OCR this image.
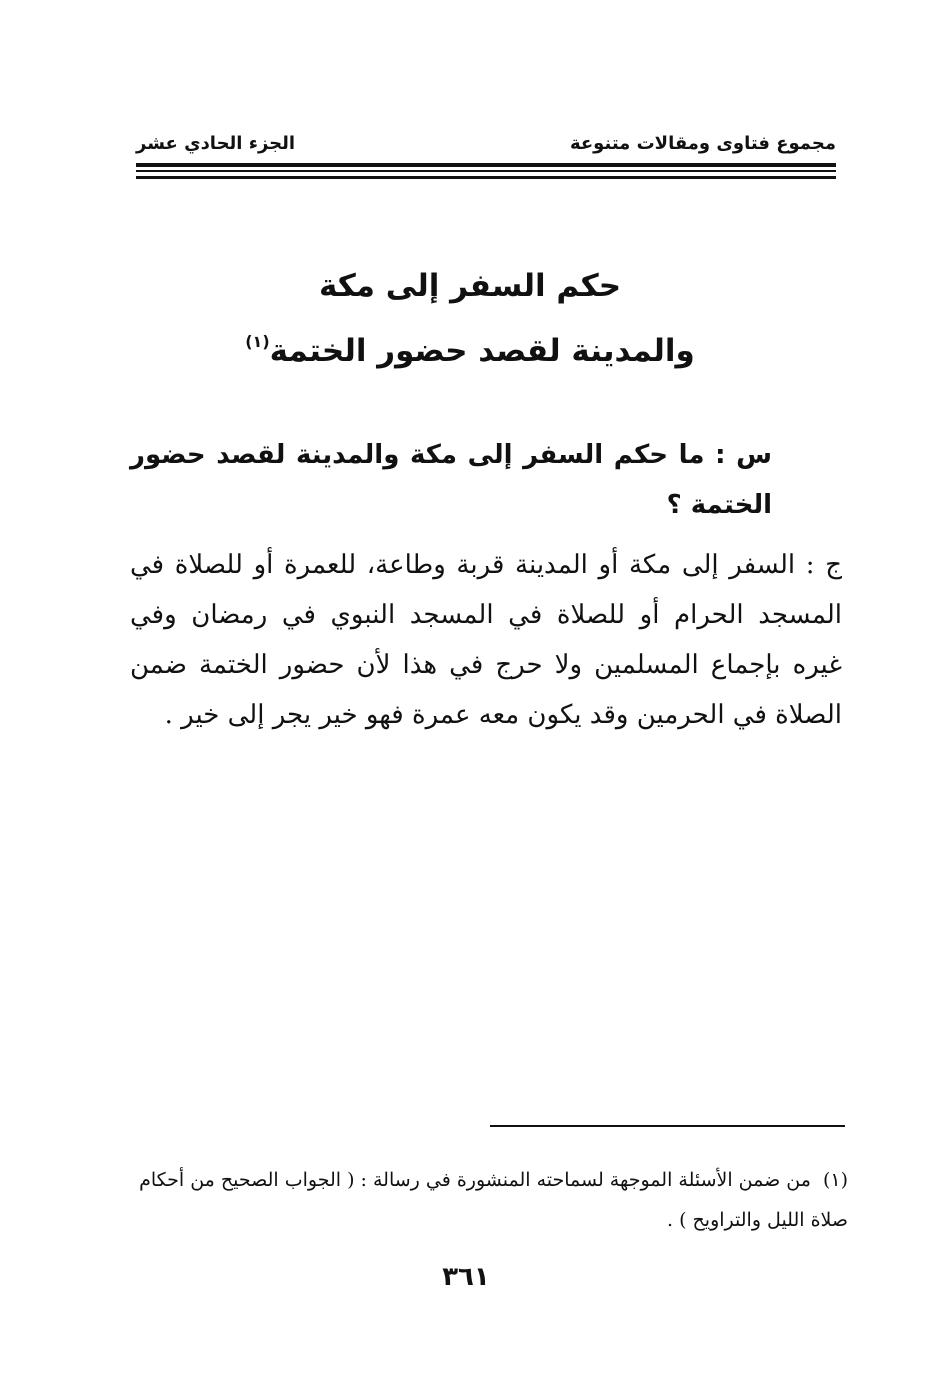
مجموع فتاوى ومقالات متنوعة
الجزء الحادي عشر
حكم السفر إلى مكة
والمدينة لقصد حضور الختمة$^{(١)}$
س : ما حكم السفر إلى مكة والمدينة لقصد حضور الختمة ؟
ج : السفر إلى مكة أو المدينة قربة وطاعة، للعمرة أو للصلاة في المسجد الحرام أو للصلاة في المسجد النبوي في رمضان وفي غيره بإجماع المسلمين ولا حرج في هذا لأن حضور الختمة ضمن الصلاة في الحرمين وقد يكون معه عمرة فهو خير يجر إلى خير .
(١)من ضمن الأسئلة الموجهة لسماحته المنشورة في رسالة : ( الجواب الصحيح من أحكام صلاة الليل والتراويح ) .
٣٦١
